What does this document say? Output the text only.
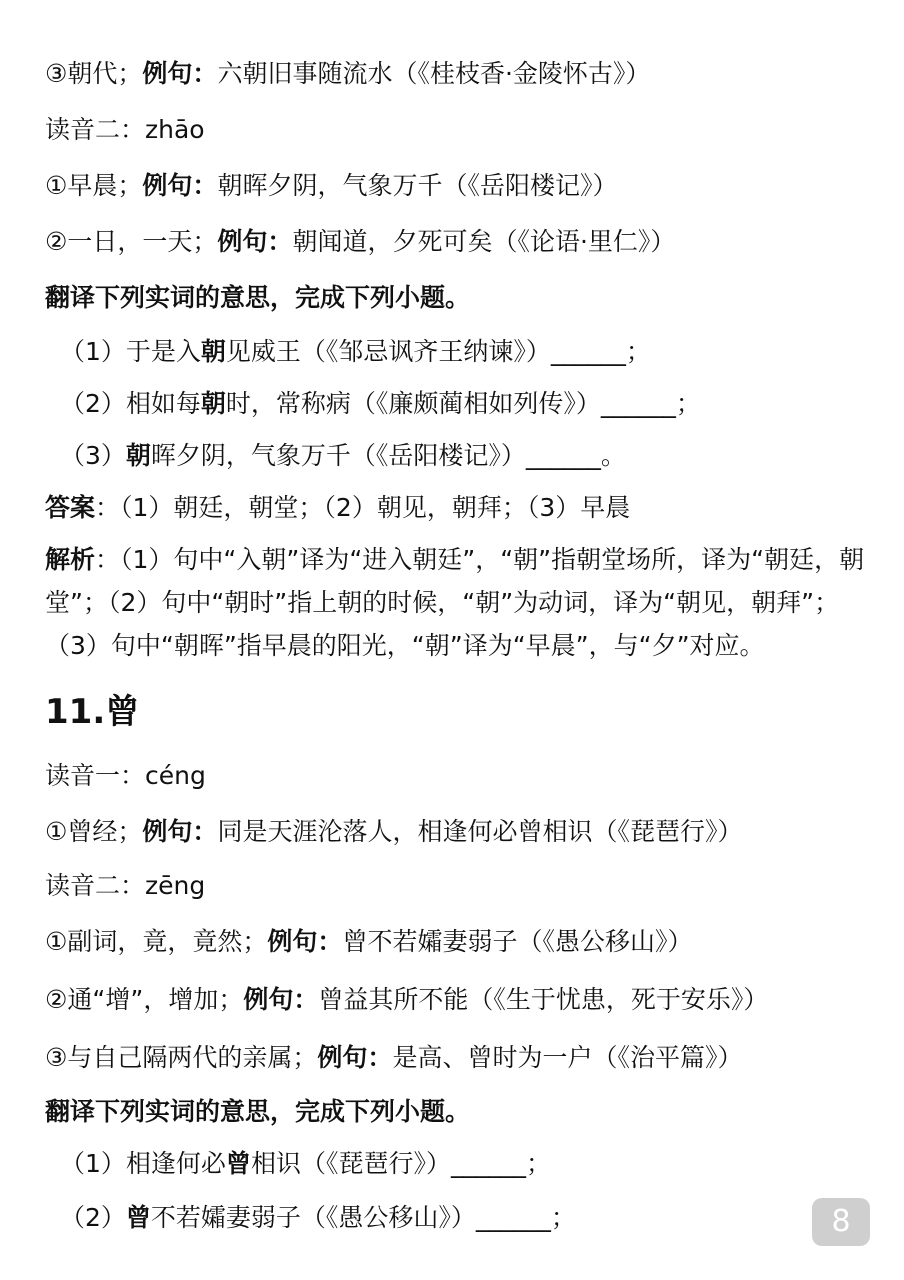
③朝代；例句：六朝旧事随流水（《桂枝香·金陵怀古》）
读音二：zhāo
①早晨；例句：朝晖夕阴，气象万千（《岳阳楼记》）
②一日，一天；例句：朝闻道，夕死可矣（《论语·里仁》）
翻译下列实词的意思，完成下列小题。
（1）于是入朝见威王（《邹忌讽齐王纳谏》）______；
（2）相如每朝时，常称病（《廉颇蔺相如列传》）______；
（3）朝晖夕阴，气象万千（《岳阳楼记》）______。
答案：（1）朝廷，朝堂；（2）朝见，朝拜；（3）早晨
解析：（1）句中“入朝”译为“进入朝廷”，“朝”指朝堂场所，译为“朝廷，朝堂”；（2）句中“朝时”指上朝的时候，“朝”为动词，译为“朝见，朝拜”；（3）句中“朝晖”指早晨的阳光，“朝”译为“早晨”，与“夕”对应。
11.曾
读音一：céng
①曾经；例句：同是天涯沦落人，相逢何必曾相识（《琵琶行》）
读音二：zēng
①副词，竟，竟然；例句：曾不若孀妻弱子（《愚公移山》）
②通“增”，增加；例句：曾益其所不能（《生于忧患，死于安乐》）
③与自己隔两代的亲属；例句：是高、曾时为一户（《治平篇》）
翻译下列实词的意思，完成下列小题。
（1）相逢何必曾相识（《琵琶行》）______；
（2）曾不若孀妻弱子（《愚公移山》）______；	8
